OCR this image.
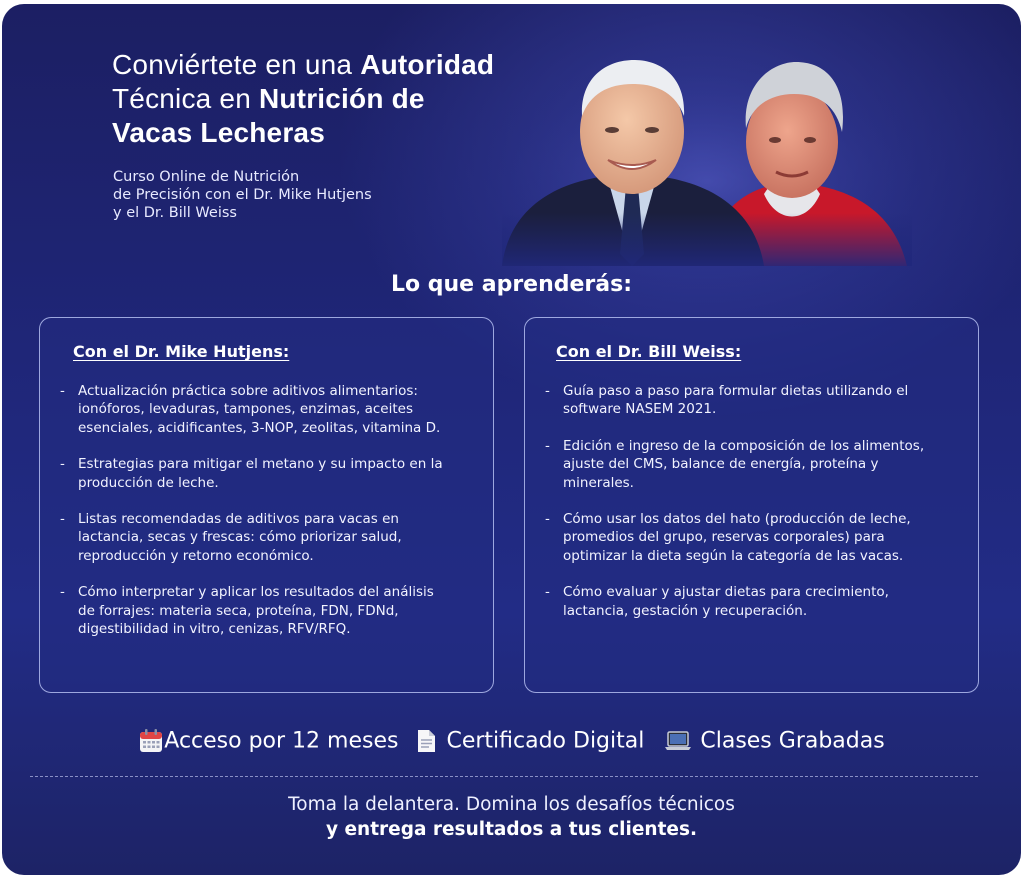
Conviértete en una Autoridad
Técnica en Nutrición de
Vacas Lecheras
Curso Online de Nutrición
de Precisión con el Dr. Mike Hutjens
y el Dr. Bill Weiss
Lo que aprenderás:
Con el Dr. Mike Hutjens:
- Actualización práctica sobre aditivos alimentarios:
ionóforos, levaduras, tampones, enzimas, aceites
esenciales, acidificantes, 3-NOP, zeolitas, vitamina D.
- Estrategias para mitigar el metano y su impacto en la
producción de leche.
- Listas recomendadas de aditivos para vacas en
lactancia, secas y frescas: cómo priorizar salud,
reproducción y retorno económico.
- Cómo interpretar y aplicar los resultados del análisis
de forrajes: materia seca, proteína, FDN, FDNd,
digestibilidad in vitro, cenizas, RFV/RFQ.
Con el Dr. Bill Weiss:
- Guía paso a paso para formular dietas utilizando el
software NASEM 2021.
- Edición e ingreso de la composición de los alimentos,
ajuste del CMS, balance de energía, proteína y
minerales.
- Cómo usar los datos del hato (producción de leche,
promedios del grupo, reservas corporales) para
optimizar la dieta según la categoría de las vacas.
- Cómo evaluar y ajustar dietas para crecimiento,
lactancia, gestación y recuperación.
Acceso por 12 meses Certificado Digital	Clases Grabadas
Toma la delantera. Domina los desafíos técnicos
y entrega resultados a tus clientes.
